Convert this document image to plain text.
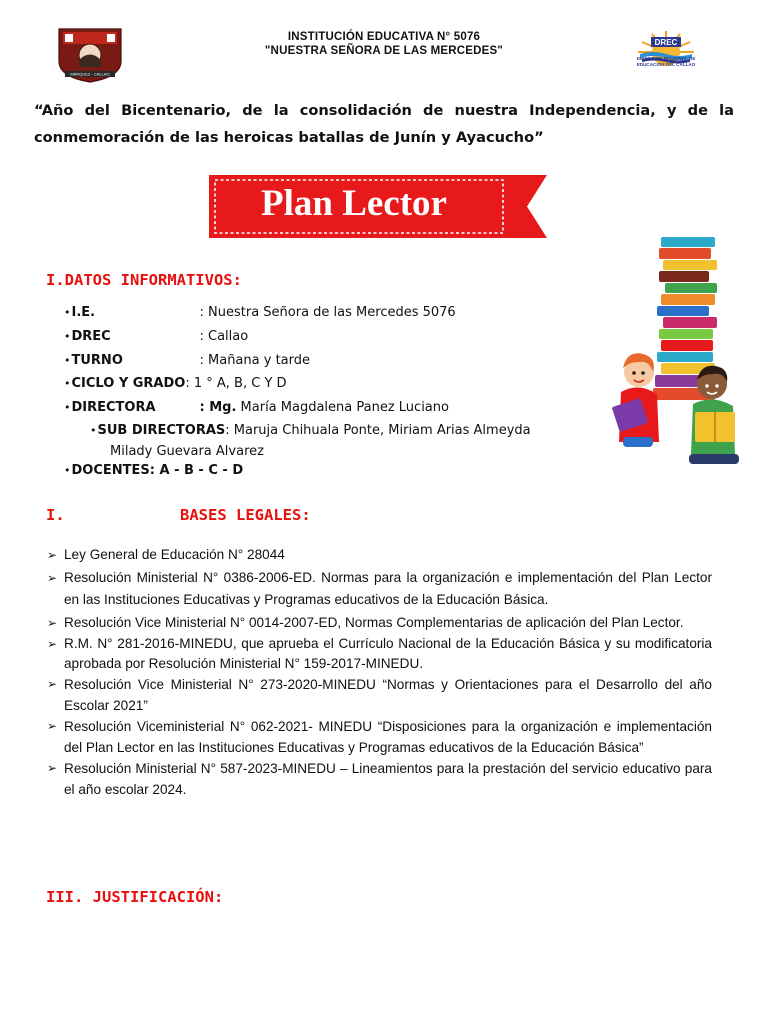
INSTITUCIÓN EDUCATIVA N° 5076
"NUESTRA SEÑORA DE LAS MERCEDES"
MÁRQUEZ - CALLAO
DREC
DIRECCIÓN REGIONAL DE
EDUCACIÓN DEL CALLAO
“Año del Bicentenario, de la consolidación de nuestra Independencia, y de la conmemoración de las heroicas batallas de Junín y Ayacucho”
Plan Lector
I.DATOS INFORMATIVOS:
•I.E.	: Nuestra Señora de las Mercedes 5076
•DREC	: Callao
•TURNO	: Mañana y tarde
•CICLO Y GRADO: 1 ° A, B, C Y D
•DIRECTORA	: Mg. María Magdalena Panez Luciano
•SUB DIRECTORAS: Maruja Chihuala Ponte, Miriam Arias Almeyda
Milady Guevara Alvarez
•DOCENTES: A - B - C - D
I.	BASES LEGALES:
➢ Ley General de Educación N° 28044
➢ Resolución Ministerial N° 0386-2006-ED. Normas para la organización e implementación del Plan Lector en las Instituciones Educativas y Programas educativos de la Educación Básica.
➢ Resolución Vice Ministerial N° 0014-2007-ED, Normas Complementarias de aplicación del Plan Lector.
➢ R.M. N° 281-2016-MINEDU, que aprueba el Currículo Nacional de la Educación Básica y su modificatoria aprobada por Resolución Ministerial N° 159-2017-MINEDU.
➢ Resolución Vice Ministerial N° 273-2020-MINEDU “Normas y Orientaciones para el Desarrollo del año Escolar 2021”
➢ Resolución Viceministerial N° 062-2021- MINEDU “Disposiciones para la organización e implementación del Plan Lector en las Instituciones Educativas y Programas educativos de la Educación Básica”
➢ Resolución Ministerial N° 587-2023-MINEDU – Lineamientos para la prestación del servicio educativo para el año escolar 2024.
III. JUSTIFICACIÓN:
